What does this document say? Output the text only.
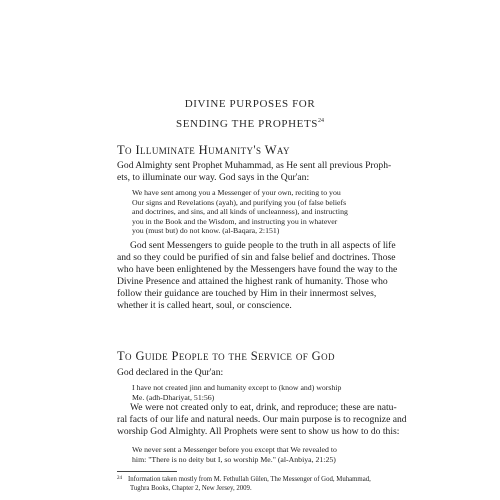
DIVINE PURPOSES FOR
SENDING THE PROPHETS$^{24}$
To Illuminate Humanity's Way

God Almighty sent Prophet Muhammad, as He sent all previous Proph-
ets, to illuminate our way. God says in the Qur'an:

We have sent among you a Messenger of your own, reciting to you
Our signs and Revelations (ayah), and purifying you (of false beliefs
and doctrines, and sins, and all kinds of uncleanness), and instructing
you in the Book and the Wisdom, and instructing you in whatever
you (must but) do not know. (al-Baqara, 2:151)

God sent Messengers to guide people to the truth in all aspects of life
and so they could be purified of sin and false belief and doctrines. Those
who have been enlightened by the Messengers have found the way to the
Divine Presence and attained the highest rank of humanity. Those who
follow their guidance are touched by Him in their innermost selves,
whether it is called heart, soul, or conscience.

To Guide People to the Service of God

God declared in the Qur'an:

I have not created jinn and humanity except to (know and) worship
Me. (adh-Dhariyat, 51:56)

We were not created only to eat, drink, and reproduce; these are natu-
ral facts of our life and natural needs. Our main purpose is to recognize and
worship God Almighty. All Prophets were sent to show us how to do this:

We never sent a Messenger before you except that We revealed to
him: "There is no deity but I, so worship Me." (al-Anbiya, 21:25)

$^{24}$ Information taken mostly from M. Fethullah Gülen, The Messenger of God, Muhammad,
Tughra Books, Chapter 2, New Jersey, 2009.
